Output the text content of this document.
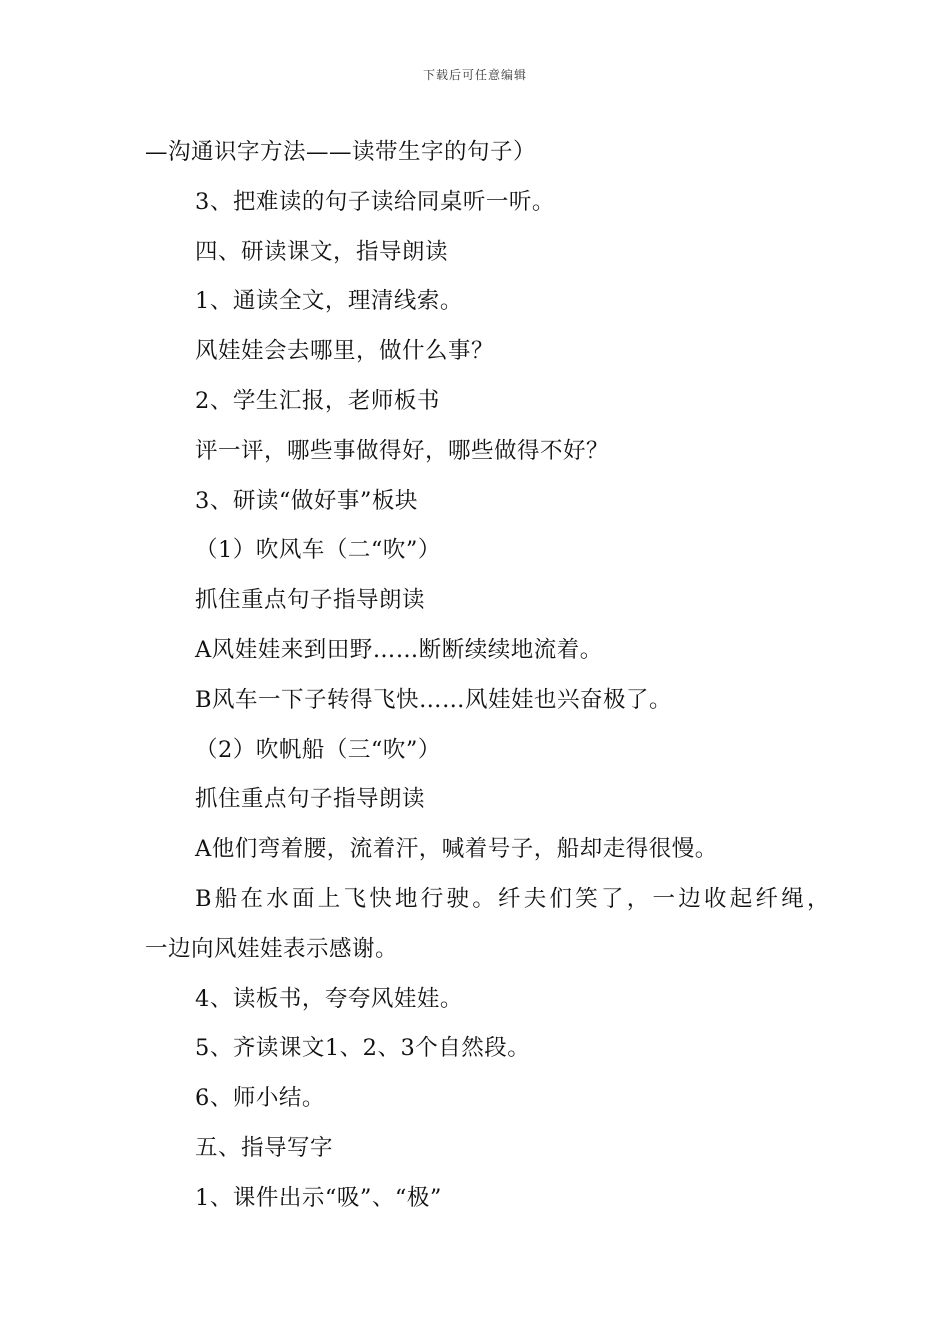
下载后可任意编辑
—沟通识字方法——读带生字的句子）
3、把难读的句子读给同桌听一听。
四、研读课文，指导朗读
1、通读全文，理清线索。
风娃娃会去哪里，做什么事？
2、学生汇报，老师板书
评一评，哪些事做得好，哪些做得不好？
3、研读“做好事”板块
（1）吹风车（二“吹”）
抓住重点句子指导朗读
A风娃娃来到田野……断断续续地流着。
B风车一下子转得飞快……风娃娃也兴奋极了。
（2）吹帆船（三“吹”）
抓住重点句子指导朗读
A他们弯着腰，流着汗，喊着号子，船却走得很慢。
B船在水面上飞快地行驶。纤夫们笑了，一边收起纤绳，
一边向风娃娃表示感谢。
4、读板书，夸夸风娃娃。
5、齐读课文1、2、3个自然段。
6、师小结。
五、指导写字
1、课件出示“吸”、“极”
